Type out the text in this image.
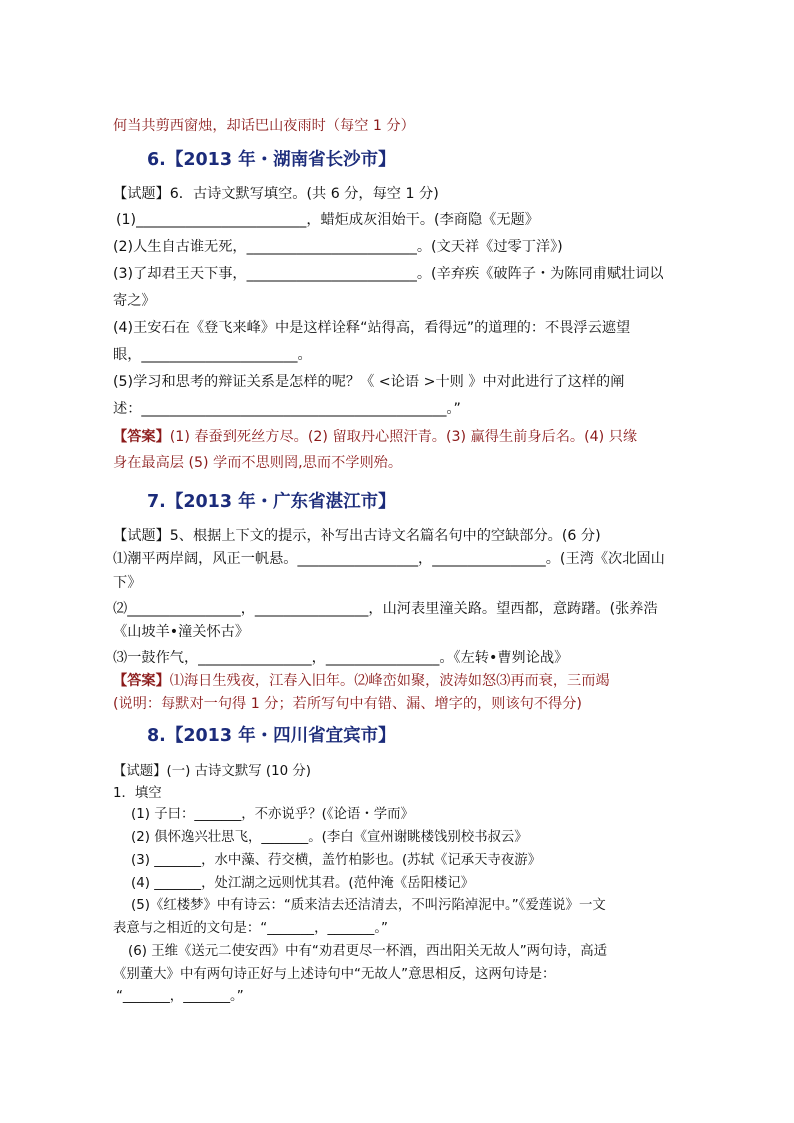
何当共剪西窗烛，却话巴山夜雨时（每空 1 分）
6.【2013 年・湖南省长沙市】
【试题】6．古诗文默写填空。(共 6 分，每空 1 分)
(1)________________________，蜡炬成灰泪始干。(李商隐《无题》
(2)人生自古谁无死，________________________。(文天祥《过零丁洋》)
(3)了却君王天下事，________________________。(辛弃疾《破阵子・为陈同甫赋壮词以
寄之》
(4)王安石在《登飞来峰》中是这样诠释“站得高，看得远”的道理的：不畏浮云遮望
眼，______________________。
(5)学习和思考的辩证关系是怎样的呢？《 <论语 >十则 》中对此进行了这样的阐
述：___________________________________________。”
【答案】(1) 春蚕到死丝方尽。(2) 留取丹心照汗青。(3) 赢得生前身后名。(4) 只缘
身在最高层 (5) 学而不思则罔,思而不学则殆。
7.【2013 年・广东省湛江市】
【试题】5、根据上下文的提示，补写出古诗文名篇名句中的空缺部分。(6 分)
⑴潮平两岸阔，风正一帆悬。_________________，________________。(王湾《次北固山
下》
⑵________________，________________，山河表里潼关路。望西都，意踌躇。(张养浩
《山坡羊•潼关怀古》
⑶一鼓作气，________________，________________。《左转•曹刿论战》
【答案】⑴海日生残夜，江春入旧年。⑵峰峦如聚，波涛如怒⑶再而衰，三而竭
(说明：每默对一句得 1 分；若所写句中有错、漏、增字的，则该句不得分)
8.【2013 年・四川省宜宾市】
【试题】(一) 古诗文默写 (10 分)
1．填空
(1) 子曰：_______，不亦说乎？(《论语・学而》
(2) 俱怀逸兴壮思飞，_______。(李白《宣州谢眺楼饯别校书叔云》
(3) _______，水中藻、荇交横，盖竹柏影也。(苏轼《记承天寺夜游》
(4) _______，处江湖之远则忧其君。(范仲淹《岳阳楼记》
(5)《红楼梦》中有诗云：“质来洁去还洁清去，不叫污陷淖泥中。”《爱莲说》一文
表意与之相近的文句是：“_______，_______。”
(6) 王维《送元二使安西》中有“劝君更尽一杯酒，西出阳关无故人”两句诗，高适
《别董大》中有两句诗正好与上述诗句中“无故人”意思相反，这两句诗是：
“_______，_______。”
